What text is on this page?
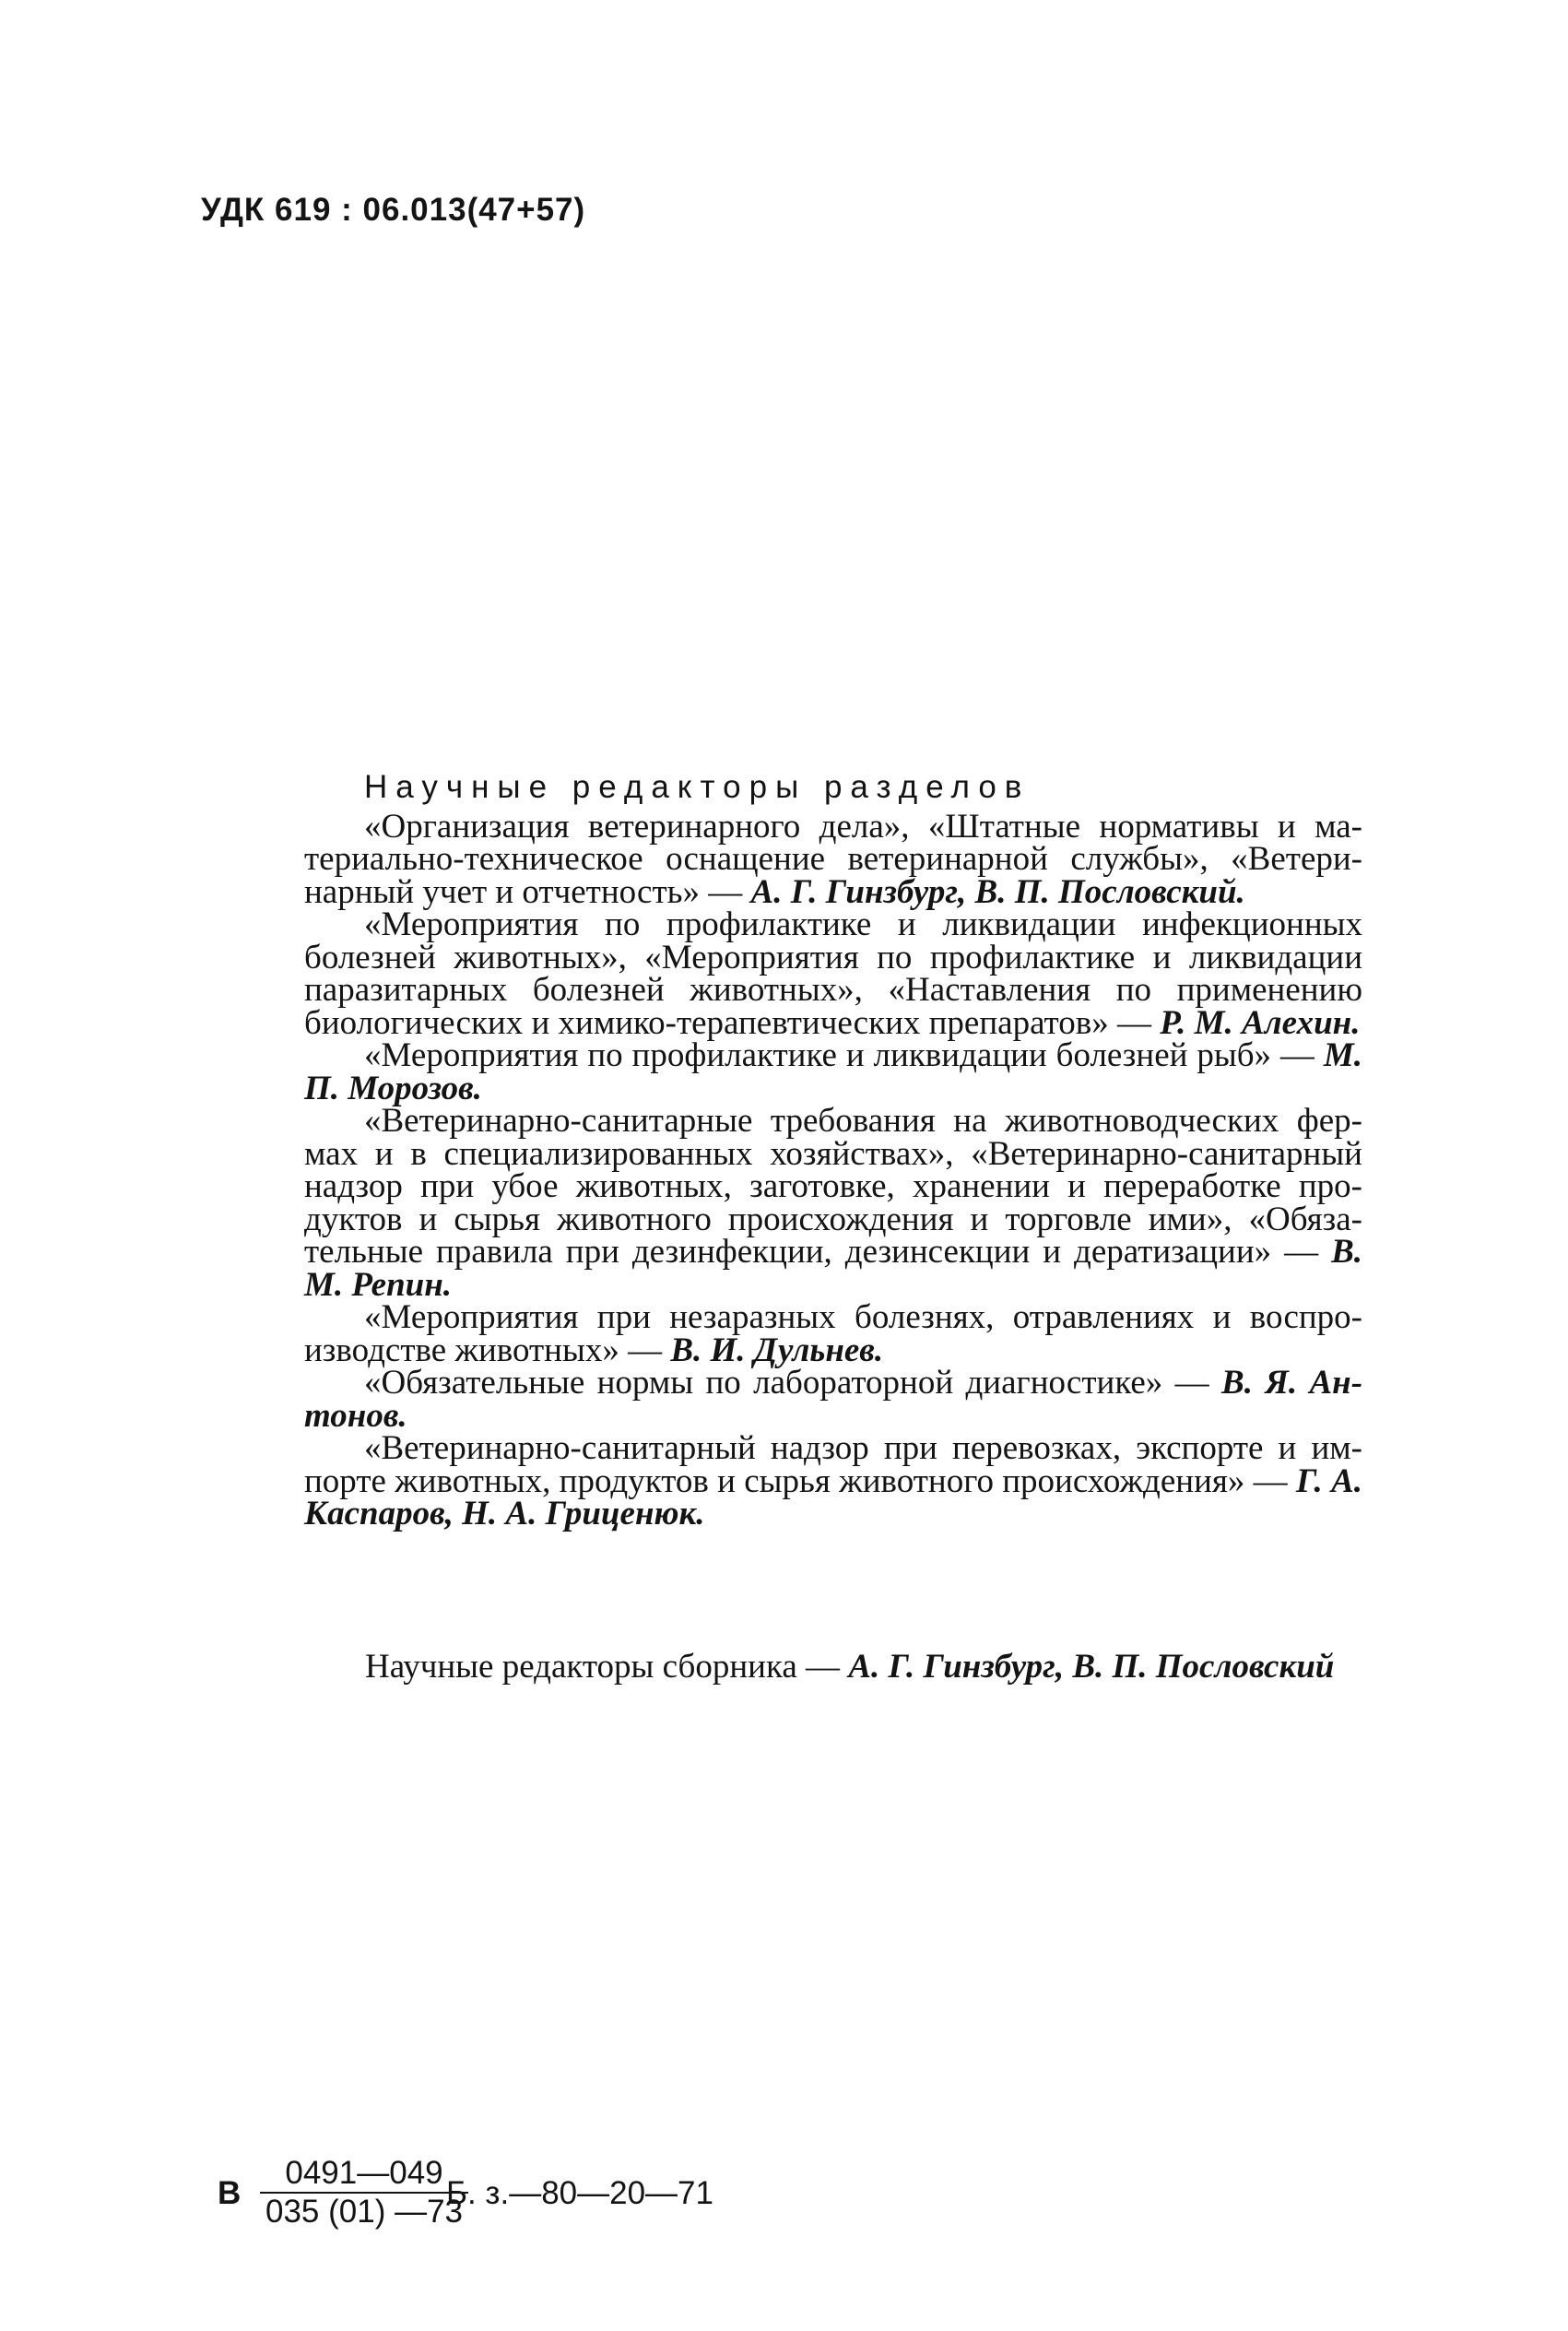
УДК 619 : 06.013(47+57)
Научные редакторы разделов

«Организация ветеринарного дела», «Штатные нормативы и материально-техническое оснащение ветеринарной службы», «Ветеринарный учет и отчетность» — А. Г. Гинзбург, В. П. Пословский.

«Мероприятия по профилактике и ликвидации инфекционных болезней животных», «Мероприятия по профилактике и ликвидации паразитарных болезней животных», «Наставления по применению биологических и химико-терапевтических препаратов» — Р. М. Алехин.

«Мероприятия по профилактике и ликвидации болезней рыб» — М. П. Морозов.

«Ветеринарно-санитарные требования на животноводческих фермах и в специализированных хозяйствах», «Ветеринарно-санитарный надзор при убое животных, заготовке, хранении и переработке продуктов и сырья животного происхождения и торговле ими», «Обязательные правила при дезинфекции, дезинсекции и дератизации» — В. М. Репин.

«Мероприятия при незаразных болезнях, отравлениях и воспроизводстве животных» — В. И. Дульнев.

«Обязательные нормы по лабораторной диагностике» — В. Я. Антонов.

«Ветеринарно-санитарный надзор при перевозках, экспорте и импорте животных, продуктов и сырья животного происхождения» — Г. А. Каспаров, Н. А. Гриценюк.

Научные редакторы сборника — А. Г. Гинзбург, В. П. Пословский
В $\frac{0491—049}{035 (01) —73}$
Б. з.—80—20—71
